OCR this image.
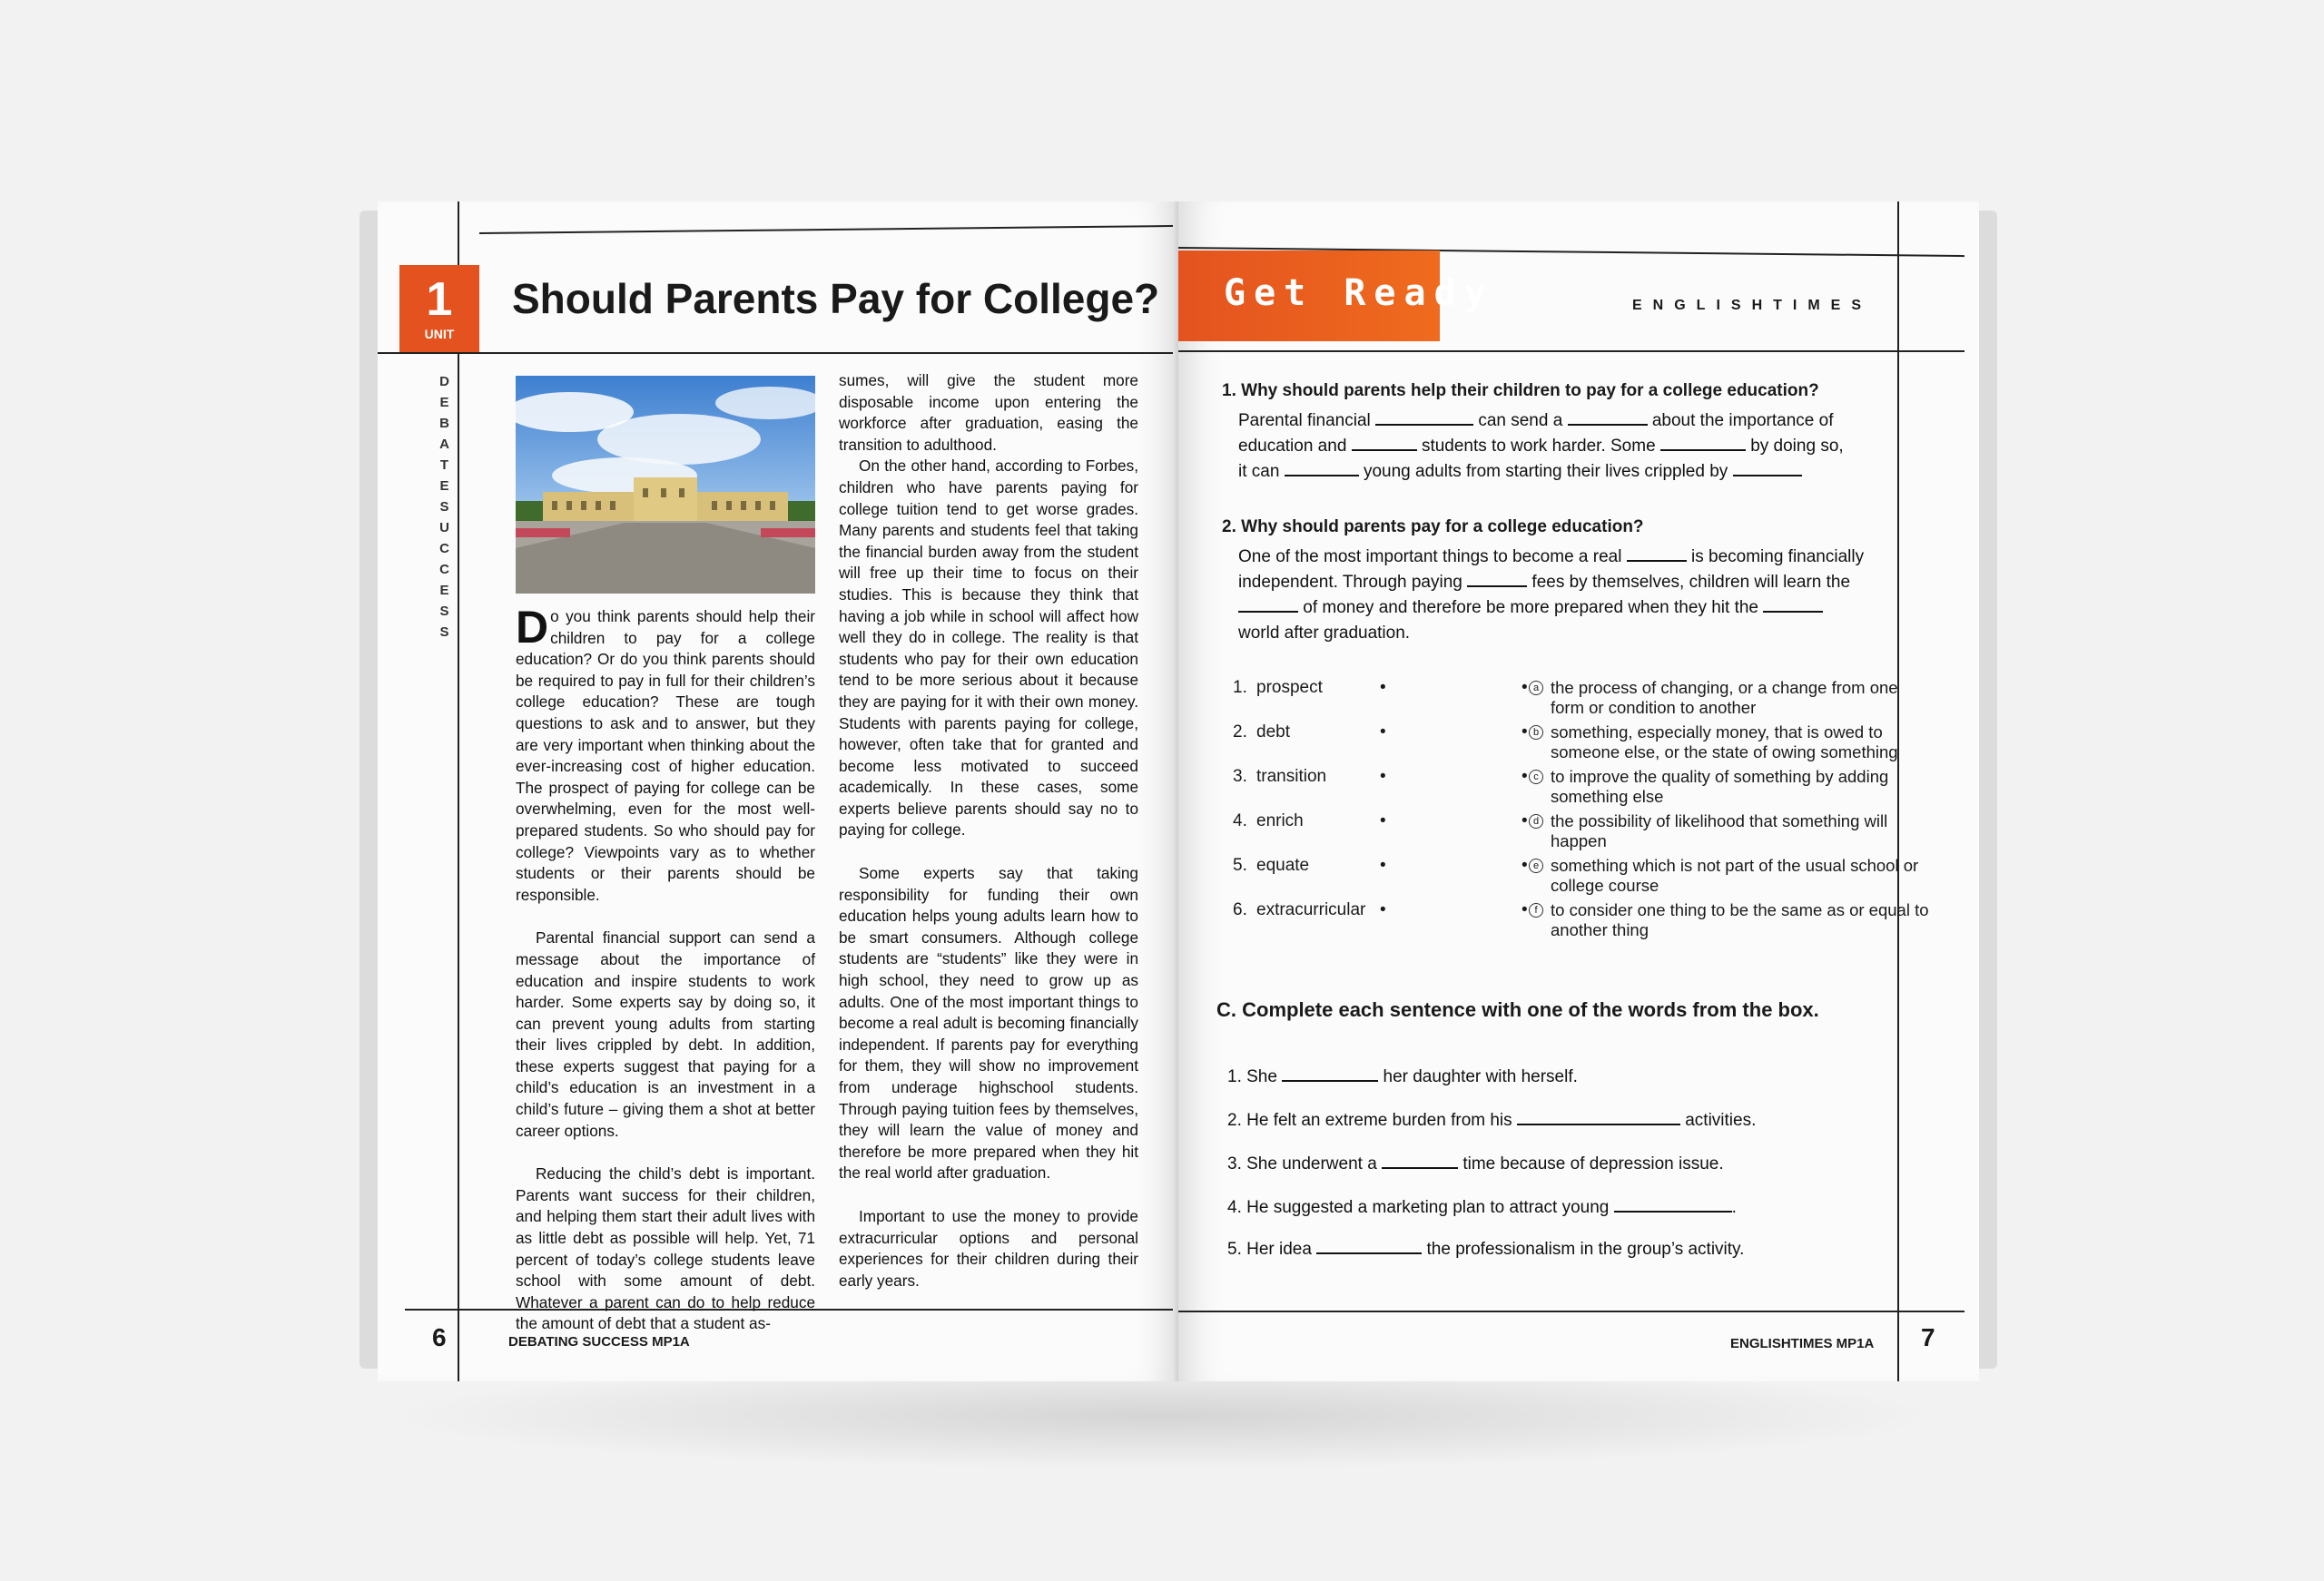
1
UNIT
Should Parents Pay for College?
DEBATESUCCESS Do you think parents should help their children to pay for a college education? Or do you think parents should be required to pay in full for their children’s college education? These are tough questions to ask and to answer, but they are very important when thinking about the ever-increasing cost of higher education. The prospect of paying for college can be overwhelming, even for the most well-prepared students. So who should pay for college? Viewpoints vary as to whether students or their parents should be responsible.

Parental financial support can send a message about the importance of education and inspire students to work harder. Some experts say by doing so, it can prevent young adults from starting their lives crippled by debt. In addition, these experts suggest that paying for a child’s education is an investment in a child’s future – giving them a shot at better career options.

Reducing the child’s debt is important. Parents want success for their children, and helping them start their adult lives with as little debt as possible will help. Yet, 71 percent of today’s college students leave school with some amount of debt. Whatever a parent can do to help reduce the amount of debt that a student as-

sumes, will give the student more disposable income upon entering the workforce after graduation, easing the transition to adulthood.

On the other hand, according to Forbes, children who have parents paying for college tuition tend to get worse grades. Many parents and students feel that taking the financial burden away from the student will free up their time to focus on their studies. This is because they think that having a job while in school will affect how well they do in college. The reality is that students who pay for their own education tend to be more serious about it because they are paying for it with their own money. Students with parents paying for college, however, often take that for granted and become less motivated to succeed academically. In these cases, some experts believe parents should say no to paying for college.

Some experts say that taking responsibility for funding their own education helps young adults learn how to be smart consumers. Although college students are “students” like they were in high school, they need to grow up as adults. One of the most important things to become a real adult is becoming financially independent. If parents pay for everything for them, they will show no improvement from underage highschool students. Through paying tuition fees by themselves, they will learn the value of money and therefore be more prepared when they hit the real world after graduation.

Important to use the money to provide extracurricular options and personal experiences for their children during their early years.

6	DEBATING SUCCESS MP1A
Get Ready	ENGLISHTIMES
1. Why should parents help their children to pay for a college education?
Parental financial	can send a	about the importance of
education and	students to work harder. Some	by doing so,
it can	young adults from starting their lives crippled by
2. Why should parents pay for a college education?
One of the most important things to become a real	is becoming financially
independent. Through paying	fees by themselves, children will learn the
of money and therefore be more prepared when they hit the
world after graduation.
1. prospect	•	• a the process of changing, or a change from one form or condition to another
2. debt	•	• b something, especially money, that is owed to someone else, or the state of owing something
3. transition	•	• c to improve the quality of something by adding something else
4. enrich	•	• d the possibility of likelihood that something will happen
5. equate	•	• e something which is not part of the usual school or college course
6. extracurricular •	• f to consider one thing to be the same as or equal to another thing
C. Complete each sentence with one of the words from the box.
1. She	her daughter with herself.
2. He felt an extreme burden from his	activities.
3. She underwent a	time because of depression issue.
4. He suggested a marketing plan to attract young	.
5. Her idea	the professionalism in the group’s activity.
ENGLISHTIMES MP1A 7
